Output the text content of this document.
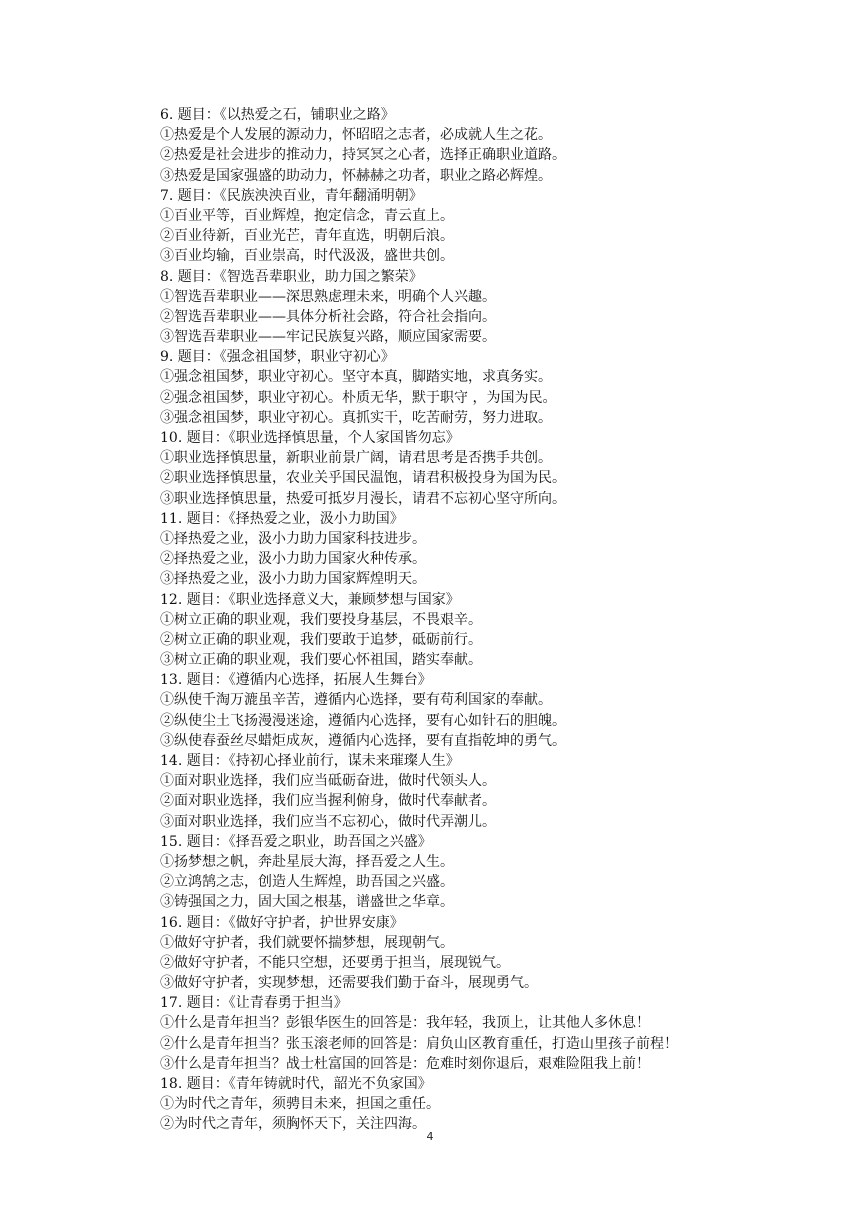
6. 题目：《以热爱之石，铺职业之路》
①热爱是个人发展的源动力，怀昭昭之志者，必成就人生之花。
②热爱是社会进步的推动力，持冥冥之心者，选择正确职业道路。
③热爱是国家强盛的助动力，怀赫赫之功者，职业之路必辉煌。
7. 题目：《民族泱泱百业，青年翻涌明朝》
①百业平等，百业辉煌，抱定信念，青云直上。
②百业待新，百业光芒，青年直选，明朝后浪。
③百业均输，百业崇高，时代汲汲，盛世共创。
8. 题目：《智选吾辈职业，助力国之繁荣》
①智选吾辈职业——深思熟虑理未来，明确个人兴趣。
②智选吾辈职业——具体分析社会路，符合社会指向。
③智选吾辈职业——牢记民族复兴路，顺应国家需要。
9. 题目：《强念祖国梦，职业守初心》
①强念祖国梦，职业守初心。坚守本真，脚踏实地，求真务实。
②强念祖国梦，职业守初心。朴质无华，默于职守 ，为国为民。
③强念祖国梦，职业守初心。真抓实干，吃苦耐劳，努力进取。
10. 题目：《职业选择慎思量，个人家国皆勿忘》
①职业选择慎思量，新职业前景广阔，请君思考是否携手共创。
②职业选择慎思量，农业关乎国民温饱，请君积极投身为国为民。
③职业选择慎思量，热爱可抵岁月漫长，请君不忘初心坚守所向。
11. 题目：《择热爱之业，汲小力助国》
①择热爱之业，汲小力助力国家科技进步。
②择热爱之业，汲小力助力国家火种传承。
③择热爱之业，汲小力助力国家辉煌明天。
12. 题目：《职业选择意义大，兼顾梦想与国家》
①树立正确的职业观，我们要投身基层，不畏艰辛。
②树立正确的职业观，我们要敢于追梦，砥砺前行。
③树立正确的职业观，我们要心怀祖国，踏实奉献。
13. 题目：《遵循内心选择，拓展人生舞台》
①纵使千淘万漉虽辛苦，遵循内心选择，要有苟利国家的奉献。
②纵使尘土飞扬漫漫迷途，遵循内心选择，要有心如针石的胆魄。
③纵使春蚕丝尽蜡炬成灰，遵循内心选择，要有直指乾坤的勇气。
14. 题目：《持初心择业前行，谋未来璀璨人生》
①面对职业选择，我们应当砥砺奋进，做时代领头人。
②面对职业选择，我们应当握利俯身，做时代奉献者。
③面对职业选择，我们应当不忘初心，做时代弄潮儿。
15. 题目：《择吾爱之职业，助吾国之兴盛》
①扬梦想之帆，奔赴星辰大海，择吾爱之人生。
②立鸿鹄之志，创造人生辉煌，助吾国之兴盛。
③铸强国之力，固大国之根基，谱盛世之华章。
16. 题目：《做好守护者，护世界安康》
①做好守护者，我们就要怀揣梦想，展现朝气。
②做好守护者，不能只空想，还要勇于担当，展现锐气。
③做好守护者，实现梦想，还需要我们勤于奋斗，展现勇气。
17. 题目：《让青春勇于担当》
①什么是青年担当？彭银华医生的回答是：我年轻，我顶上，让其他人多休息！
②什么是青年担当？张玉滚老师的回答是：肩负山区教育重任，打造山里孩子前程！
③什么是青年担当？战士杜富国的回答是：危难时刻你退后，艰难险阻我上前！
18. 题目：《青年铸就时代，韶光不负家国》
①为时代之青年，须骋目未来，担国之重任。
②为时代之青年，须胸怀天下，关注四海。
4
